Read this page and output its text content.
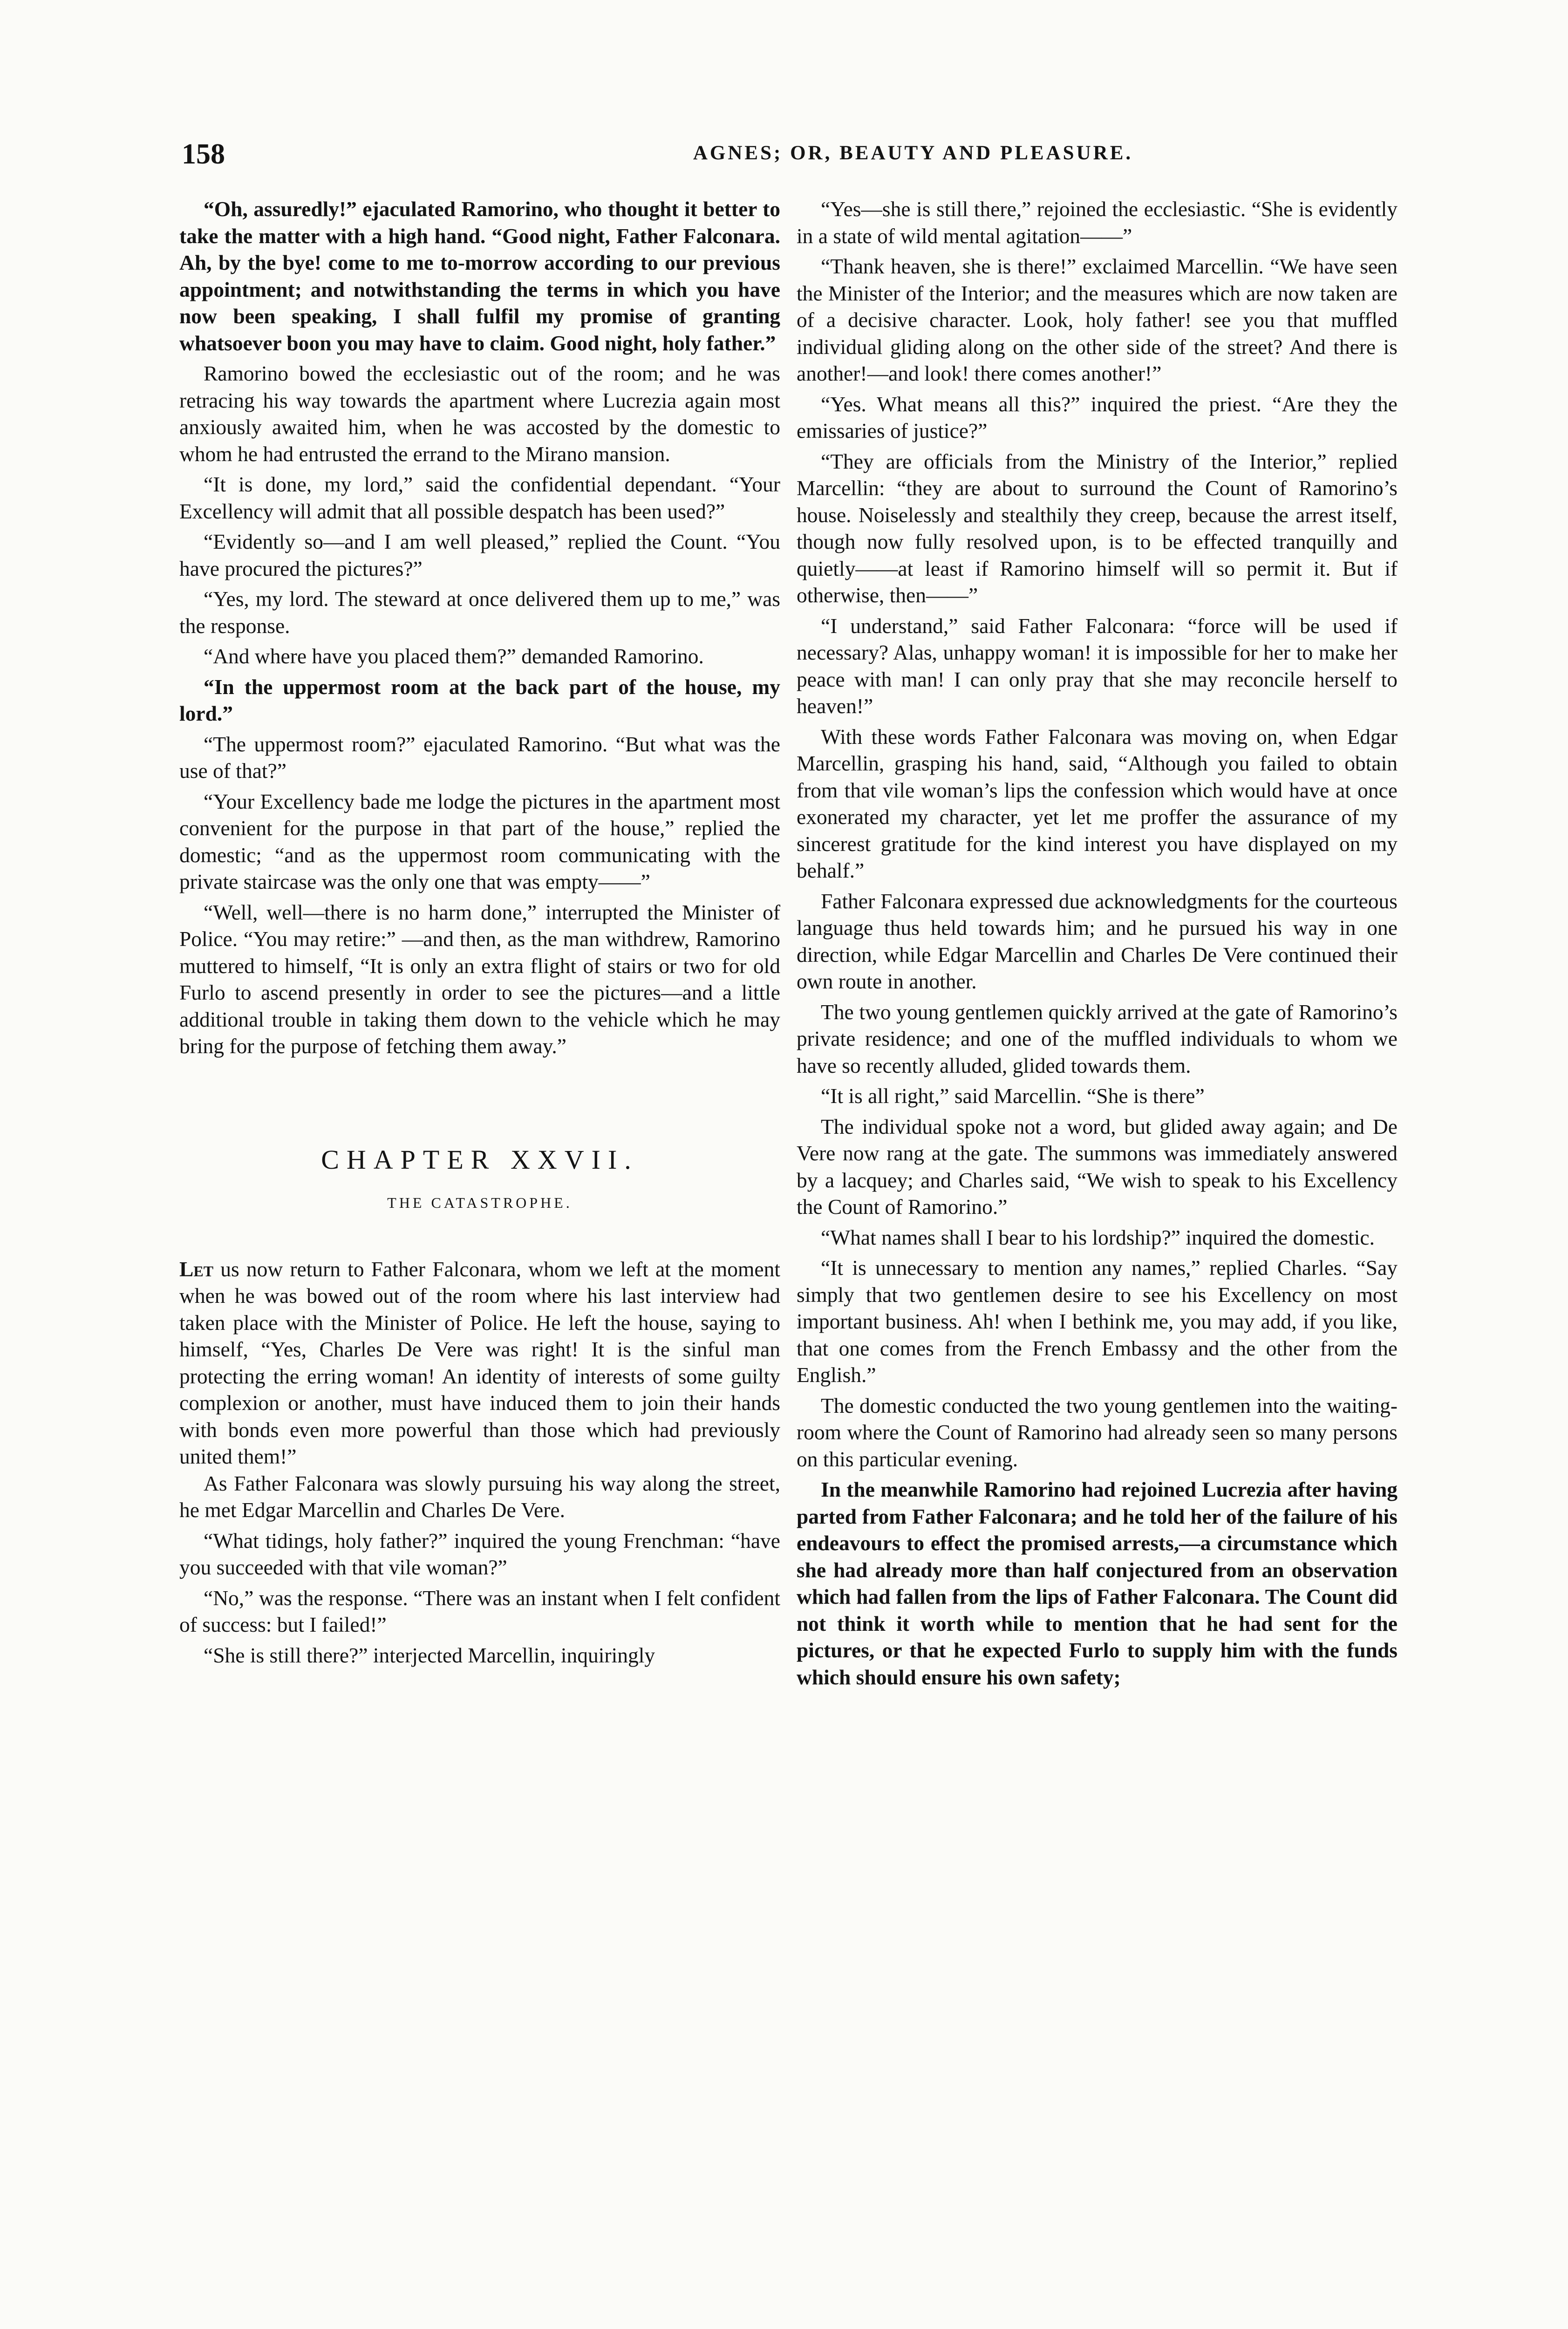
158	AGNES; OR, BEAUTY AND PLEASURE.

“Oh, assuredly!” ejaculated Ramorino, who thought it better to take the matter with a high hand. “Good night, Father Falconara. Ah, by the bye! come to me to-morrow according to our previous appointment; and notwithstanding the terms in which you have now been speaking, I shall fulfil my promise of granting whatsoever boon you may have to claim. Good night, holy father.”

Ramorino bowed the ecclesiastic out of the room; and he was retracing his way towards the apartment where Lucrezia again most anxiously awaited him, when he was accosted by the domestic to whom he had entrusted the errand to the Mirano mansion.

“It is done, my lord,” said the confidential dependant. “Your Excellency will admit that all possible despatch has been used?”

“Evidently so—and I am well pleased,” replied the Count. “You have procured the pictures?”

“Yes, my lord. The steward at once delivered them up to me,” was the response.

“And where have you placed them?” demanded Ramorino.

“In the uppermost room at the back part of the house, my lord.”

“The uppermost room?” ejaculated Ramorino. “But what was the use of that?”

“Your Excellency bade me lodge the pictures in the apartment most convenient for the purpose in that part of the house,” replied the domestic; “and as the uppermost room communicating with the private staircase was the only one that was empty——”

“Well, well—there is no harm done,” interrupted the Minister of Police. “You may retire:” —and then, as the man withdrew, Ramorino muttered to himself, “It is only an extra flight of stairs or two for old Furlo to ascend presently in order to see the pictures—and a little additional trouble in taking them down to the vehicle which he may bring for the purpose of fetching them away.”

CHAPTER XXVII.
THE CATASTROPHE.

Let us now return to Father Falconara, whom we left at the moment when he was bowed out of the room where his last interview had taken place with the Minister of Police. He left the house, saying to himself, “Yes, Charles De Vere was right! It is the sinful man protecting the erring woman! An identity of interests of some guilty complexion or another, must have induced them to join their hands with bonds even more powerful than those which had previously united them!”

As Father Falconara was slowly pursuing his way along the street, he met Edgar Marcellin and Charles De Vere.

“What tidings, holy father?” inquired the young Frenchman: “have you succeeded with that vile woman?”

“No,” was the response. “There was an instant when I felt confident of success: but I failed!”

“She is still there?” interjected Marcellin, inquiringly

“Yes—she is still there,” rejoined the ecclesiastic. “She is evidently in a state of wild mental agitation——”

“Thank heaven, she is there!” exclaimed Marcellin. “We have seen the Minister of the Interior; and the measures which are now taken are of a decisive character. Look, holy father! see you that muffled individual gliding along on the other side of the street? And there is another!—and look! there comes another!”

“Yes. What means all this?” inquired the priest. “Are they the emissaries of justice?”

“They are officials from the Ministry of the Interior,” replied Marcellin: “they are about to surround the Count of Ramorino’s house. Noiselessly and stealthily they creep, because the arrest itself, though now fully resolved upon, is to be effected tranquilly and quietly——at least if Ramorino himself will so permit it. But if otherwise, then——”

“I understand,” said Father Falconara: “force will be used if necessary? Alas, unhappy woman! it is impossible for her to make her peace with man! I can only pray that she may reconcile herself to heaven!”

With these words Father Falconara was moving on, when Edgar Marcellin, grasping his hand, said, “Although you failed to obtain from that vile woman’s lips the confession which would have at once exonerated my character, yet let me proffer the assurance of my sincerest gratitude for the kind interest you have displayed on my behalf.”

Father Falconara expressed due acknowledgments for the courteous language thus held towards him; and he pursued his way in one direction, while Edgar Marcellin and Charles De Vere continued their own route in another.

The two young gentlemen quickly arrived at the gate of Ramorino’s private residence; and one of the muffled individuals to whom we have so recently alluded, glided towards them.

“It is all right,” said Marcellin. “She is there”

The individual spoke not a word, but glided away again; and De Vere now rang at the gate. The summons was immediately answered by a lacquey; and Charles said, “We wish to speak to his Excellency the Count of Ramorino.”

“What names shall I bear to his lordship?” inquired the domestic.

“It is unnecessary to mention any names,” replied Charles. “Say simply that two gentlemen desire to see his Excellency on most important business. Ah! when I bethink me, you may add, if you like, that one comes from the French Embassy and the other from the English.”

The domestic conducted the two young gentlemen into the waiting-room where the Count of Ramorino had already seen so many persons on this particular evening.

In the meanwhile Ramorino had rejoined Lucrezia after having parted from Father Falconara; and he told her of the failure of his endeavours to effect the promised arrests,—a circumstance which she had already more than half conjectured from an observation which had fallen from the lips of Father Falconara. The Count did not think it worth while to mention that he had sent for the pictures, or that he expected Furlo to supply him with the funds which should ensure his own safety;
